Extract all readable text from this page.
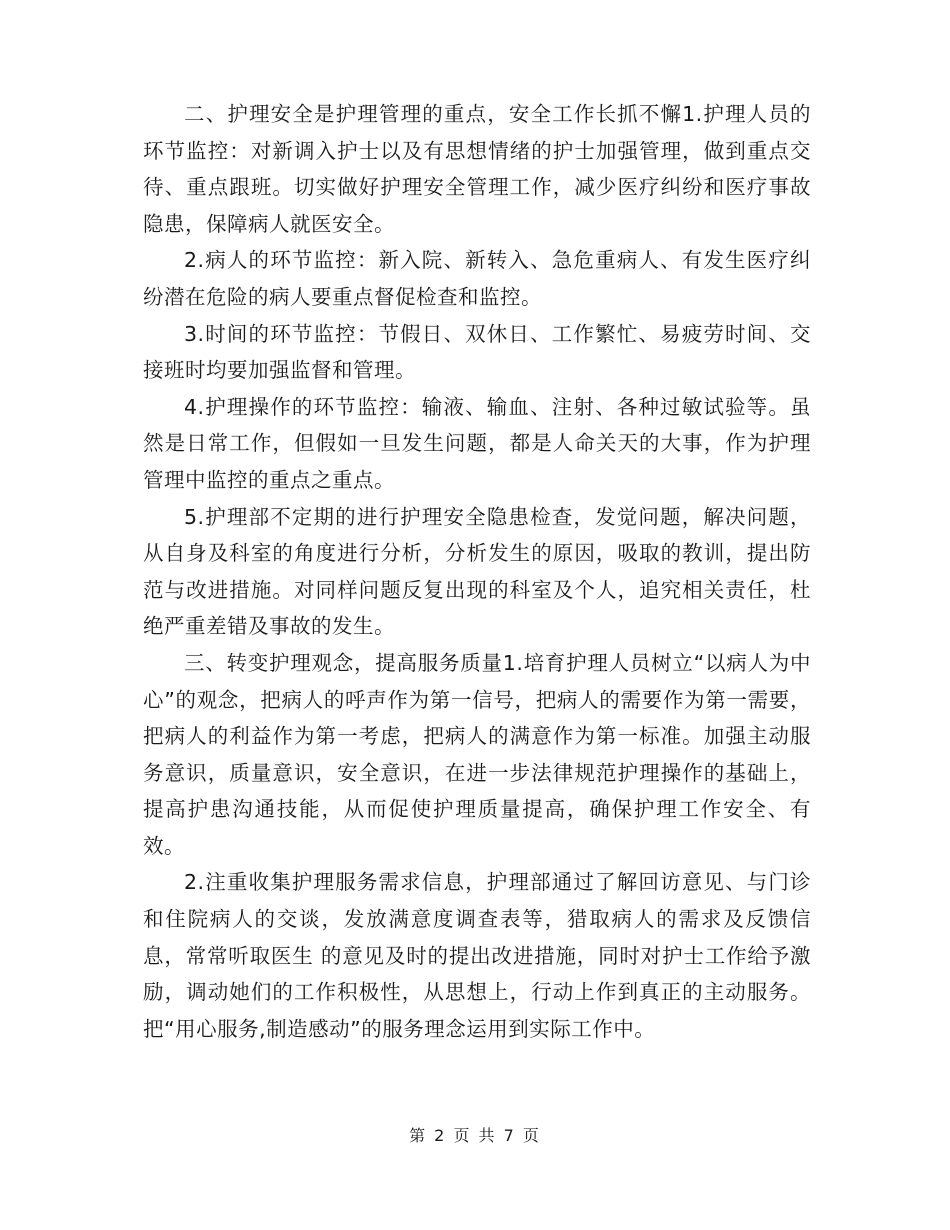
二、护理安全是护理管理的重点，安全工作长抓不懈1.护理人员的环节监控：对新调入护士以及有思想情绪的护士加强管理，做到重点交待、重点跟班。切实做好护理安全管理工作，减少医疗纠纷和医疗事故隐患，保障病人就医安全。

2.病人的环节监控：新入院、新转入、急危重病人、有发生医疗纠纷潜在危险的病人要重点督促检查和监控。

3.时间的环节监控：节假日、双休日、工作繁忙、易疲劳时间、交接班时均要加强监督和管理。

4.护理操作的环节监控：输液、输血、注射、各种过敏试验等。虽然是日常工作，但假如一旦发生问题，都是人命关天的大事，作为护理管理中监控的重点之重点。

5.护理部不定期的进行护理安全隐患检查，发觉问题，解决问题，从自身及科室的角度进行分析，分析发生的原因，吸取的教训，提出防范与改进措施。对同样问题反复出现的科室及个人，追究相关责任，杜绝严重差错及事故的发生。

三、转变护理观念，提高服务质量1.培育护理人员树立“以病人为中心”的观念，把病人的呼声作为第一信号，把病人的需要作为第一需要，把病人的利益作为第一考虑，把病人的满意作为第一标准。加强主动服务意识，质量意识，安全意识，在进一步法律规范护理操作的基础上，提高护患沟通技能，从而促使护理质量提高，确保护理工作安全、有效。

2.注重收集护理服务需求信息，护理部通过了解回访意见、与门诊和住院病人的交谈，发放满意度调查表等，猎取病人的需求及反馈信息，常常听取医生 的意见及时的提出改进措施，同时对护士工作给予激励，调动她们的工作积极性，从思想上，行动上作到真正的主动服务。把“用心服务,制造感动”的服务理念运用到实际工作中。

第 2 页 共 7 页
